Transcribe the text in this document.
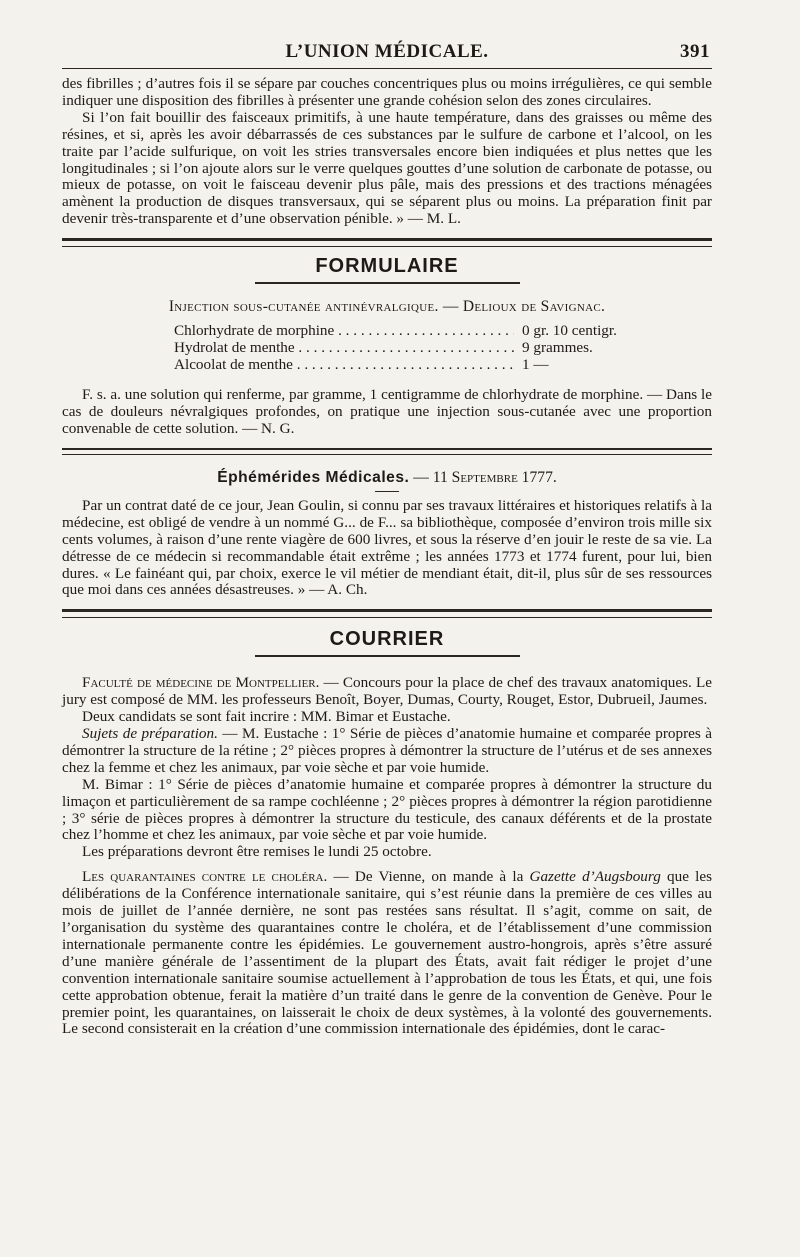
L’UNION MÉDICALE.	391

des fibrilles ; d’autres fois il se sépare par couches concentriques plus ou moins irrégulières, ce qui semble indiquer une disposition des fibrilles à présenter une grande cohésion selon des zones circulaires.

Si l’on fait bouillir des faisceaux primitifs, à une haute température, dans des graisses ou même des résines, et si, après les avoir débarrassés de ces substances par le sulfure de carbone et l’alcool, on les traite par l’acide sulfurique, on voit les stries transversales encore bien indiquées et plus nettes que les longitudinales ; si l’on ajoute alors sur le verre quelques gouttes d’une solution de carbonate de potasse, ou mieux de potasse, on voit le faisceau devenir plus pâle, mais des pressions et des tractions ménagées amènent la production de disques transversaux, qui se séparent plus ou moins. La préparation finit par devenir très-transparente et d’une observation pénible. » — M. L.

FORMULAIRE
Injection sous-cutanée antinévralgique. — Delioux de Savignac.
Chlorhydrate de morphine . . .	0 gr. 10 centigr.
Hydrolat de menthe . . .	9 grammes.
Alcoolat de menthe . . .	1 —

F. s. a. une solution qui renferme, par gramme, 1 centigramme de chlorhydrate de morphine. — Dans le cas de douleurs névralgiques profondes, on pratique une injection sous-cutanée avec une proportion convenable de cette solution. — N. G.

Éphémérides Médicales. — 11 Septembre 1777.

Par un contrat daté de ce jour, Jean Goulin, si connu par ses travaux littéraires et historiques relatifs à la médecine, est obligé de vendre à un nommé G... de F... sa bibliothèque, composée d’environ trois mille six cents volumes, à raison d’une rente viagère de 600 livres, et sous la réserve d’en jouir le reste de sa vie. La détresse de ce médecin si recommandable était extrême ; les années 1773 et 1774 furent, pour lui, bien dures. « Le fainéant qui, par choix, exerce le vil métier de mendiant était, dit-il, plus sûr de ses ressources que moi dans ces années désastreuses. » — A. Ch.

COURRIER

Faculté de médecine de Montpellier. — Concours pour la place de chef des travaux anatomiques. Le jury est composé de MM. les professeurs Benoît, Boyer, Dumas, Courty, Rouget, Estor, Dubrueil, Jaumes.

Deux candidats se sont fait incrire : MM. Bimar et Eustache.

Sujets de préparation. — M. Eustache : 1° Série de pièces d’anatomie humaine et comparée propres à démontrer la structure de la rétine ; 2° pièces propres à démontrer la structure de l’utérus et de ses annexes chez la femme et chez les animaux, par voie sèche et par voie humide.

M. Bimar : 1° Série de pièces d’anatomie humaine et comparée propres à démontrer la structure du limaçon et particulièrement de sa rampe cochléenne ; 2° pièces propres à démontrer la région parotidienne ; 3° série de pièces propres à démontrer la structure du testicule, des canaux déférents et de la prostate chez l’homme et chez les animaux, par voie sèche et par voie humide.

Les préparations devront être remises le lundi 25 octobre.

Les quarantaines contre le choléra. — De Vienne, on mande à la Gazette d’Augsbourg que les délibérations de la Conférence internationale sanitaire, qui s’est réunie dans la première de ces villes au mois de juillet de l’année dernière, ne sont pas restées sans résultat. Il s’agit, comme on sait, de l’organisation du système des quarantaines contre le choléra, et de l’établissement d’une commission internationale permanente contre les épidémies. Le gouvernement austro-hongrois, après s’être assuré d’une manière générale de l’assentiment de la plupart des États, avait fait rédiger le projet d’une convention internationale sanitaire soumise actuellement à l’approbation de tous les États, et qui, une fois cette approbation obtenue, ferait la matière d’un traité dans le genre de la convention de Genève. Pour le premier point, les quarantaines, on laisserait le choix de deux systèmes, à la volonté des gouvernements. Le second consisterait en la création d’une commission internationale des épidémies, dont le carac-
